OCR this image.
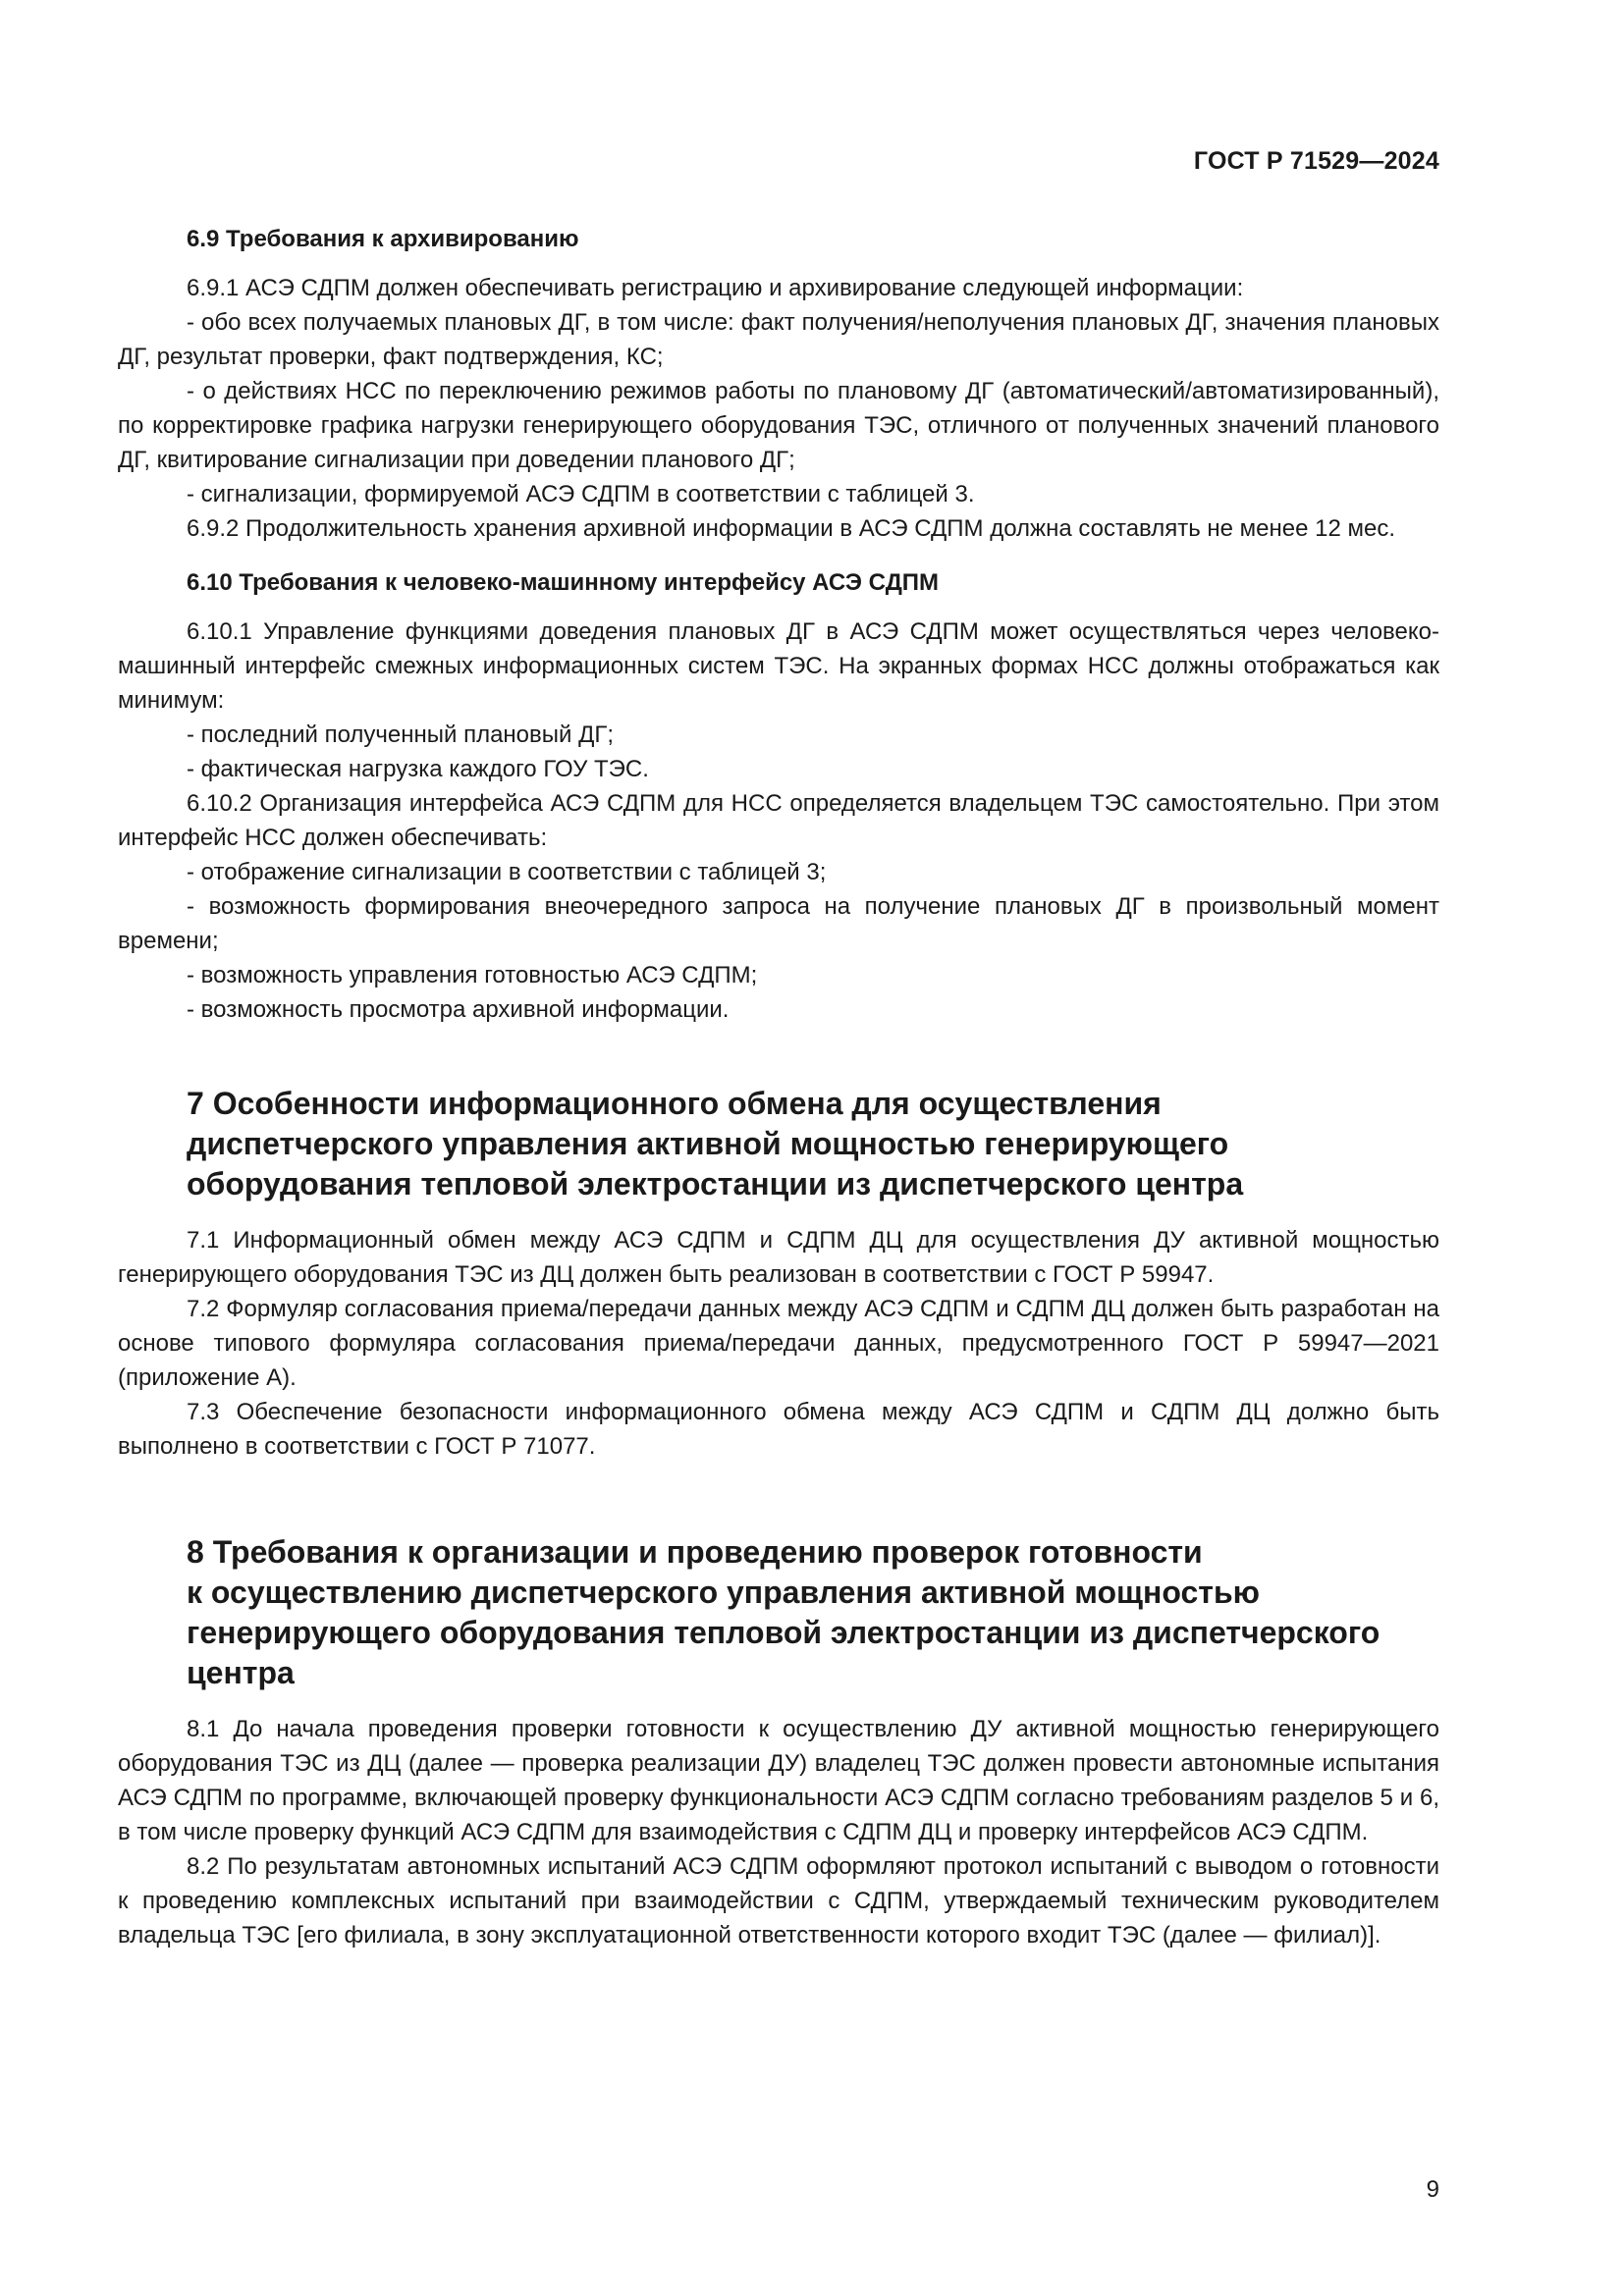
ГОСТ Р 71529—2024
6.9 Требования к архивированию

6.9.1 АСЭ СДПМ должен обеспечивать регистрацию и архивирование следующей информации:

- обо всех получаемых плановых ДГ, в том числе: факт получения/неполучения плановых ДГ, значения плановых ДГ, результат проверки, факт подтверждения, КС;

- о действиях НСС по переключению режимов работы по плановому ДГ (автоматический/автоматизированный), по корректировке графика нагрузки генерирующего оборудования ТЭС, отличного от полученных значений планового ДГ, квитирование сигнализации при доведении планового ДГ;

- сигнализации, формируемой АСЭ СДПМ в соответствии с таблицей 3.

6.9.2 Продолжительность хранения архивной информации в АСЭ СДПМ должна составлять не менее 12 мес.

6.10 Требования к человеко-машинному интерфейсу АСЭ СДПМ

6.10.1 Управление функциями доведения плановых ДГ в АСЭ СДПМ может осуществляться через человеко-машинный интерфейс смежных информационных систем ТЭС. На экранных формах НСС должны отображаться как минимум:

- последний полученный плановый ДГ;

- фактическая нагрузка каждого ГОУ ТЭС.

6.10.2 Организация интерфейса АСЭ СДПМ для НСС определяется владельцем ТЭС самостоятельно. При этом интерфейс НСС должен обеспечивать:

- отображение сигнализации в соответствии с таблицей 3;

- возможность формирования внеочередного запроса на получение плановых ДГ в произвольный момент времени;

- возможность управления готовностью АСЭ СДПМ;

- возможность просмотра архивной информации.

7 Особенности информационного обмена для осуществления
диспетчерского управления активной мощностью генерирующего
оборудования тепловой электростанции из диспетчерского центра

7.1 Информационный обмен между АСЭ СДПМ и СДПМ ДЦ для осуществления ДУ активной мощностью генерирующего оборудования ТЭС из ДЦ должен быть реализован в соответствии с ГОСТ Р 59947.

7.2 Формуляр согласования приема/передачи данных между АСЭ СДПМ и СДПМ ДЦ должен быть разработан на основе типового формуляра согласования приема/передачи данных, предусмотренного ГОСТ Р 59947—2021 (приложение А).

7.3 Обеспечение безопасности информационного обмена между АСЭ СДПМ и СДПМ ДЦ должно быть выполнено в соответствии с ГОСТ Р 71077.

8 Требования к организации и проведению проверок готовности
к осуществлению диспетчерского управления активной мощностью
генерирующего оборудования тепловой электростанции из диспетчерского
центра

8.1 До начала проведения проверки готовности к осуществлению ДУ активной мощностью генерирующего оборудования ТЭС из ДЦ (далее — проверка реализации ДУ) владелец ТЭС должен провести автономные испытания АСЭ СДПМ по программе, включающей проверку функциональности АСЭ СДПМ согласно требованиям разделов 5 и 6, в том числе проверку функций АСЭ СДПМ для взаимодействия с СДПМ ДЦ и проверку интерфейсов АСЭ СДПМ.

8.2 По результатам автономных испытаний АСЭ СДПМ оформляют протокол испытаний с выводом о готовности к проведению комплексных испытаний при взаимодействии с СДПМ, утверждаемый техническим руководителем владельца ТЭС [его филиала, в зону эксплуатационной ответственности которого входит ТЭС (далее — филиал)].

9
